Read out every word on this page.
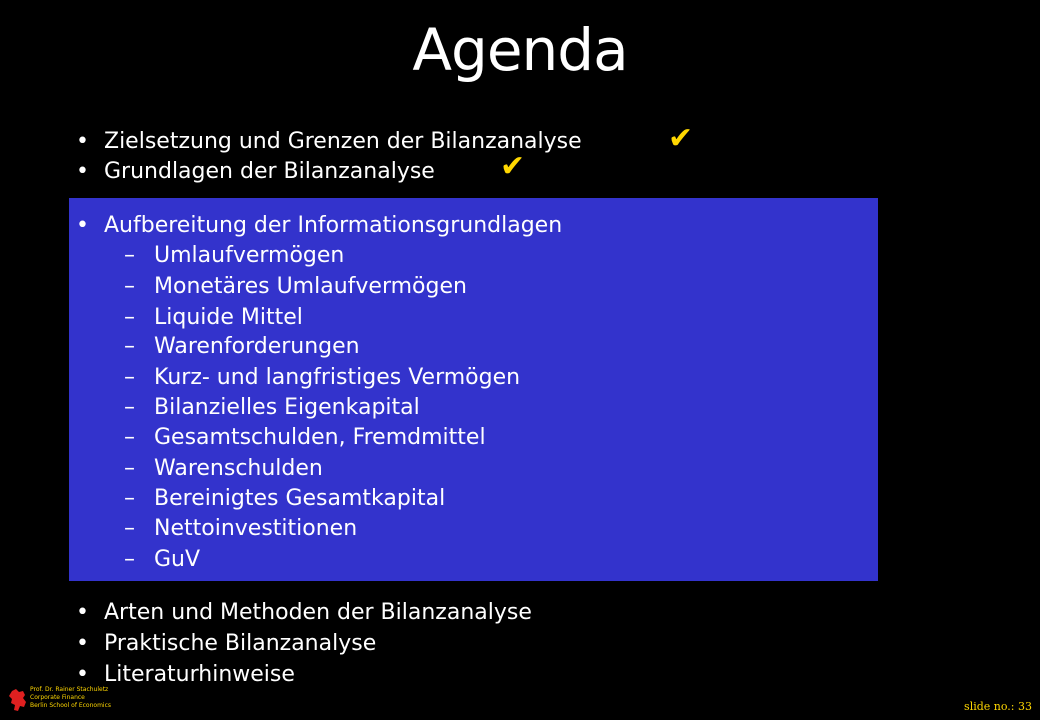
Agenda
• Zielsetzung und Grenzen der Bilanzanalyse	✔
• Grundlagen der Bilanzanalyse ✔
• Aufbereitung der Informationsgrundlagen
– Umlaufvermögen
– Monetäres Umlaufvermögen
– Liquide Mittel
– Warenforderungen
– Kurz- und langfristiges Vermögen
– Bilanzielles Eigenkapital
– Gesamtschulden, Fremdmittel
– Warenschulden
– Bereinigtes Gesamtkapital
– Nettoinvestitionen
– GuV
• Arten und Methoden der Bilanzanalyse
• Praktische Bilanzanalyse
• Literaturhinweise
Prof. Dr. Rainer Stachuletz
Corporate Finance
Berlin School of Economics	slide no.: 33
